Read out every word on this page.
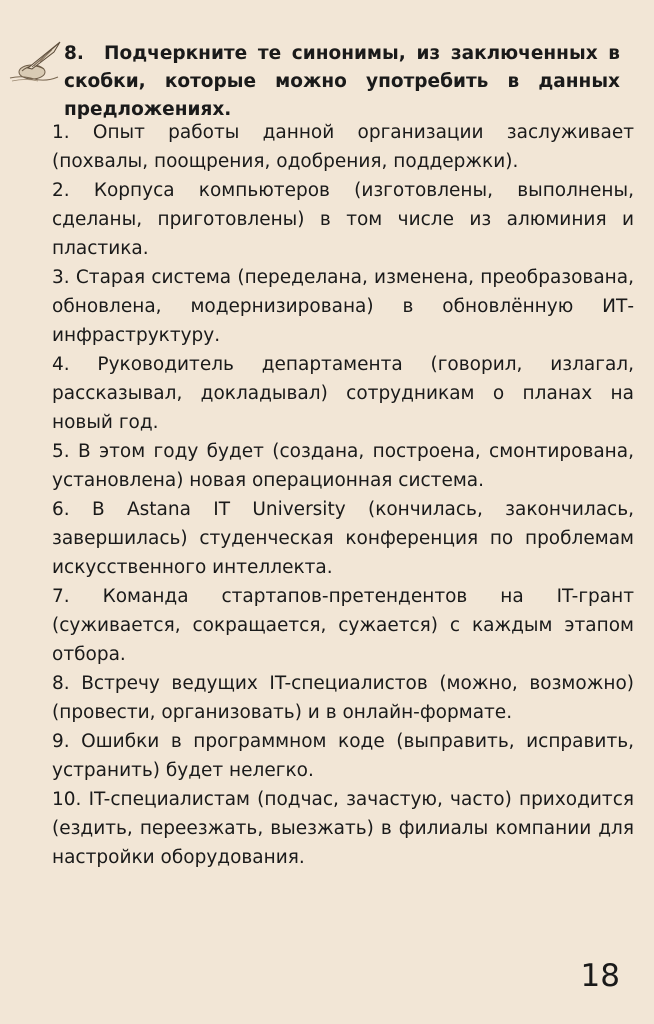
8. Подчеркните те синонимы, из заключенных в скобки, которые можно употребить в данных предложениях.
1. Опыт работы данной организации заслуживает (похвалы, поощрения, одобрения, поддержки).
2. Корпуса компьютеров (изготовлены, выполнены, сделаны, приготовлены) в том числе из алюминия и пластика.
3. Старая система (переделана, изменена, преобразована, обновлена, модернизирована) в обновлённую ИТ-инфраструктуру.
4. Руководитель департамента (говорил, излагал, рассказывал, докладывал) сотрудникам о планах на новый год.
5. В этом году будет (создана, построена, смонтирована, установлена) новая операционная система.
6. В Astana IT University (кончилась, закончилась, завершилась) студенческая конференция по проблемам искусственного интеллекта.
7. Команда стартапов-претендентов на IT-грант (суживается, сокращается, сужается) с каждым этапом отбора.
8. Встречу ведущих IT-специалистов (можно, возможно) (провести, организовать) и в онлайн-формате.
9. Ошибки в программном коде (выправить, исправить, устранить) будет нелегко.
10. IT-специалистам (подчас, зачастую, часто) приходится (ездить, переезжать, выезжать) в филиалы компании для настройки оборудования.
18
